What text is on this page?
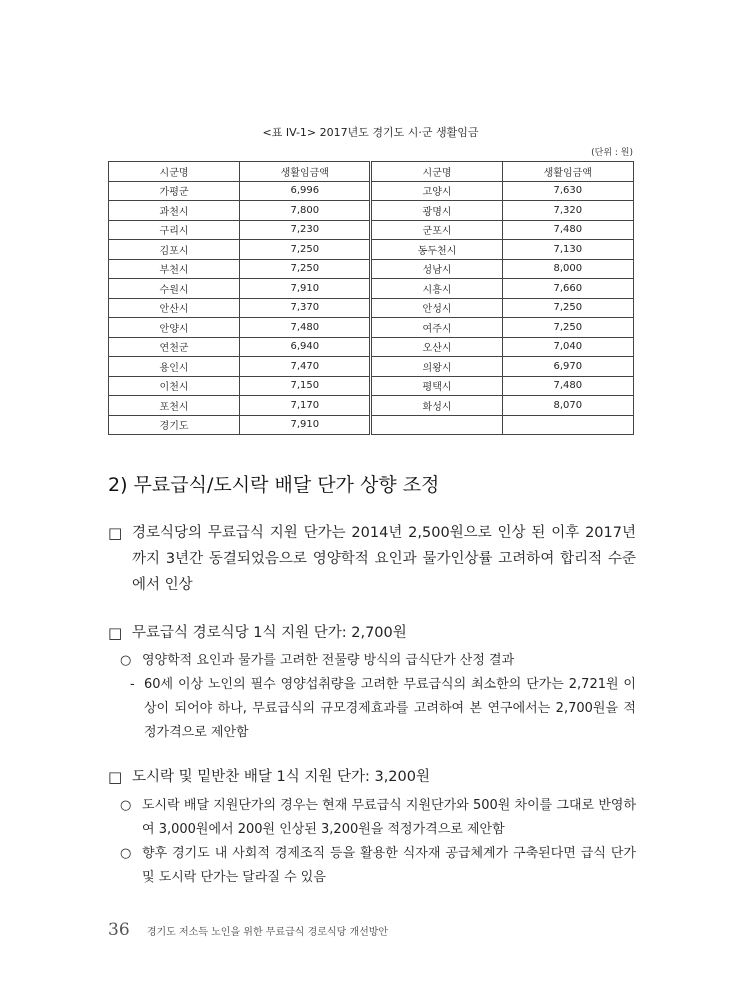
<표 IV-1> 2017년도 경기도 시·군 생활임금
(단위 : 원)
시군명	생활임금액	시군명	생활임금액
가평군	6,996	고양시	7,630
과천시	7,800	광명시	7,320
구리시	7,230	군포시	7,480
김포시	7,250	동두천시	7,130
부천시	7,250	성남시	8,000
수원시	7,910	시흥시	7,660
안산시	7,370	안성시	7,250
안양시	7,480	여주시	7,250
연천군	6,940	오산시	7,040
용인시	7,470	의왕시	6,970
이천시	7,150	평택시	7,480
포천시	7,170	화성시	8,070
경기도	7,910		
2) 무료급식/도시락 배달 단가 상향 조정
□ 경로식당의 무료급식 지원 단가는 2014년 2,500원으로 인상 된 이후 2017년까지 3년간 동결되었음으로 영양학적 요인과 물가인상률 고려하여 합리적 수준에서 인상
□ 무료급식 경로식당 1식 지원 단가: 2,700원
○ 영양학적 요인과 물가를 고려한 전물량 방식의 급식단가 산정 결과
- 60세 이상 노인의 필수 영양섭취량을 고려한 무료급식의 최소한의 단가는 2,721원 이상이 되어야 하나, 무료급식의 규모경제효과를 고려하여 본 연구에서는 2,700원을 적정가격으로 제안함
□ 도시락 및 밑반찬 배달 1식 지원 단가: 3,200원
○ 도시락 배달 지원단가의 경우는 현재 무료급식 지원단가와 500원 차이를 그대로 반영하여 3,000원에서 200원 인상된 3,200원을 적정가격으로 제안함
○ 향후 경기도 내 사회적 경제조직 등을 활용한 식자재 공급체계가 구축된다면 급식 단가 및 도시락 단가는 달라질 수 있음
36 경기도 저소득 노인을 위한 무료급식 경로식당 개선방안
